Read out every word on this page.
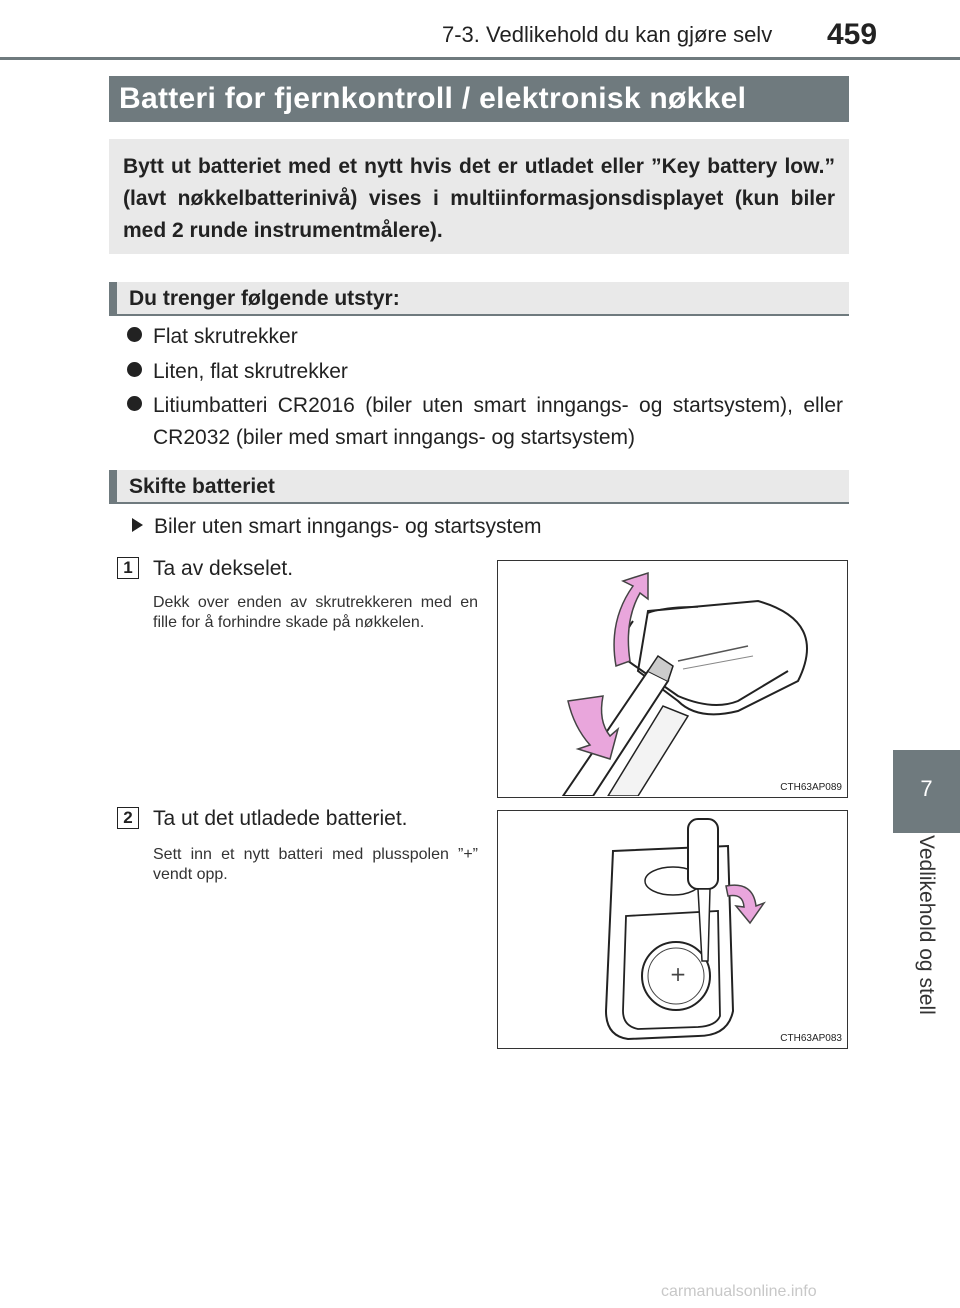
7-3. Vedlikehold du kan gjøre selv 459
7
Vedlikehold og stell
Batteri for fjernkontroll / elektronisk nøkkel

Bytt ut batteriet med et nytt hvis det er utladet eller ”Key battery low.” (lavt nøkkelbatterinivå) vises i multiinformasjonsdisplayet (kun biler med 2 runde instrumentmålere).

Du trenger følgende utstyr:
Flat skrutrekker
Liten, flat skrutrekker
Litiumbatteri CR2016 (biler uten smart inngangs- og startsystem), eller CR2032 (biler med smart inngangs- og startsystem)
Skifte batteriet
Biler uten smart inngangs- og startsystem
1 Ta av dekselet.
Dekk over enden av skrutrekkeren med en fille for å forhindre skade på nøkkelen.
CTH63AP089
2 Ta ut det utladede batteriet.
Sett inn et nytt batteri med plusspolen ”+” vendt opp.
+
CTH63AP083
carmanualsonline.info
